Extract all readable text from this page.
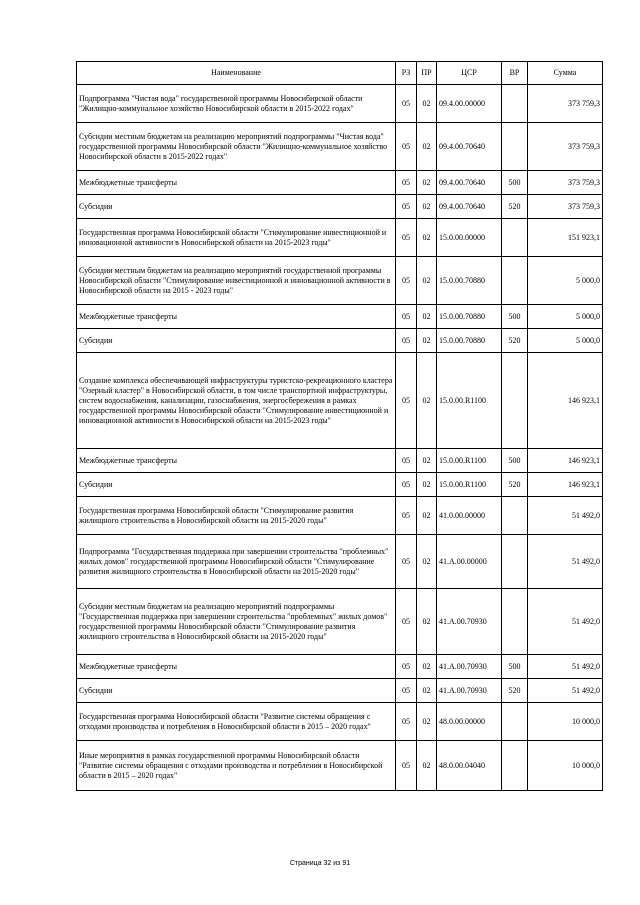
Наименование	РЗ	ПР	ЦСР	ВР	Сумма
Подпрограмма "Чистая вода" государственной программы Новосибирской области "Жилищно-коммунальное хозяйство Новосибирской области в 2015-2022 годах"	05	02	09.4.00.00000		373 759,3
Субсидии местным бюджетам на реализацию мероприятий подпрограммы "Чистая вода" государственной программы Новосибирской области "Жилищно-коммунальное хозяйство Новосибирской области в 2015-2022 годах"	05	02	09.4.00.70640		373 759,3
Межбюджетные трансферты	05	02	09.4.00.70640	500	373 759,3
Субсидии	05	02	09.4.00.70640	520	373 759,3
Государственная программа Новосибирской области "Стимулирование инвестиционной и инновационной активности в Новосибирской области на 2015-2023 годы"	05	02	15.0.00.00000		151 923,1
Субсидии местным бюджетам на реализацию мероприятий государственной программы Новосибирской области "Стимулирование инвестиционной и инновационной активности в Новосибирской области на 2015 - 2023 годы"	05	02	15.0.00.70880		5 000,0
Межбюджетные трансферты	05	02	15.0.00.70880	500	5 000,0
Субсидии	05	02	15.0.00.70880	520	5 000,0
Создание комплекса обеспечивающей инфраструктуры туристско-рекреационного кластера "Озерный кластер" в Новосибирской области, в том числе транспортной инфраструктуры, систем водоснабжения, канализации, газоснабжения, энергосбережения в рамках государственной программы Новосибирской области "Стимулирование инвестиционной и инновационной активности в Новосибирской области на 2015-2023 годы"	05	02	15.0.00.R1100		146 923,1
Межбюджетные трансферты	05	02	15.0.00.R1100	500	146 923,1
Субсидии	05	02	15.0.00.R1100	520	146 923,1
Государственная программа Новосибирской области "Стимулирование развития жилищного строительства в Новосибирской области на 2015-2020 годы"	05	02	41.0.00.00000		51 492,0
Подпрограмма "Государственная поддержка при завершении строительства "проблемных" жилых домов" государственной программы Новосибирской области "Стимулирование развития жилищного строительства в Новосибирской области на 2015-2020 годы"	05	02	41.А.00.00000		51 492,0
Субсидии местным бюджетам на реализацию мероприятий подпрограммы "Государственная поддержка при завершении строительства "проблемных" жилых домов" государственной программы Новосибирской области "Стимулирование развития жилищного строительства в Новосибирской области на 2015-2020 годы"	05	02	41.А.00.70930		51 492,0
Межбюджетные трансферты	05	02	41.А.00.70930	500	51 492,0
Субсидии	05	02	41.А.00.70930	520	51 492,0
Государственная программа Новосибирской области "Развитие системы обращения с отходами производства и потребления в Новосибирской области в 2015 – 2020 годах"	05	02	48.0.00.00000		10 000,0
Иные мероприятия в рамках государственной программы Новосибирской области "Развитие системы обращения с отходами производства и потребления в Новосибирской области в 2015 – 2020 годах"	05	02	48.0.00.04040		10 000,0
Страница 32 из 91
